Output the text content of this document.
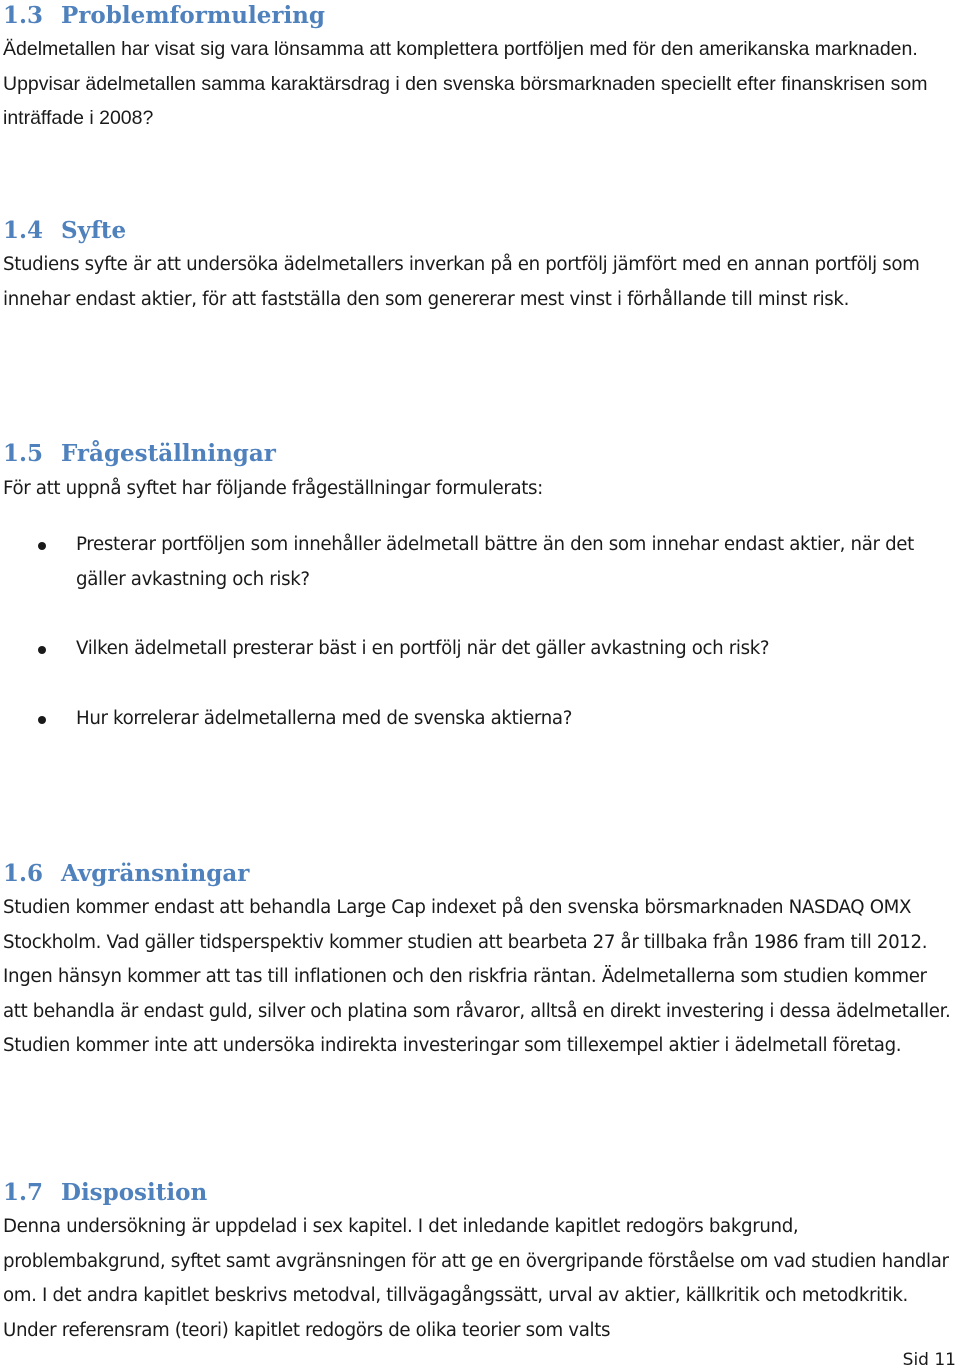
1.3 Problemformulering
Ädelmetallen har visat sig vara lönsamma att komplettera portföljen med för den amerikanska marknaden. Uppvisar ädelmetallen samma karaktärsdrag i den svenska börsmarknaden speciellt efter finanskrisen som inträffade i 2008?
1.4 Syfte
Studiens syfte är att undersöka ädelmetallers inverkan på en portfölj jämfört med en annan portfölj som innehar endast aktier, för att fastställa den som genererar mest vinst i förhållande till minst risk.
1.5 Frågeställningar
För att uppnå syftet har följande frågeställningar formulerats:
Presterar portföljen som innehåller ädelmetall bättre än den som innehar endast aktier, när det gäller avkastning och risk?
Vilken ädelmetall presterar bäst i en portfölj när det gäller avkastning och risk?
Hur korrelerar ädelmetallerna med de svenska aktierna?
1.6 Avgränsningar
Studien kommer endast att behandla Large Cap indexet på den svenska börsmarknaden NASDAQ OMX Stockholm. Vad gäller tidsperspektiv kommer studien att bearbeta 27 år tillbaka från 1986 fram till 2012. Ingen hänsyn kommer att tas till inflationen och den riskfria räntan. Ädelmetallerna som studien kommer att behandla är endast guld, silver och platina som råvaror, alltså en direkt investering i dessa ädelmetaller. Studien kommer inte att undersöka indirekta investeringar som tillexempel aktier i ädelmetall företag.
1.7 Disposition
Denna undersökning är uppdelad i sex kapitel. I det inledande kapitlet redogörs bakgrund, problembakgrund, syftet samt avgränsningen för att ge en övergripande förståelse om vad studien handlar om. I det andra kapitlet beskrivs metodval, tillvägagångssätt, urval av aktier, källkritik och metodkritik. Under referensram (teori) kapitlet redogörs de olika teorier som valts
Sid 11
